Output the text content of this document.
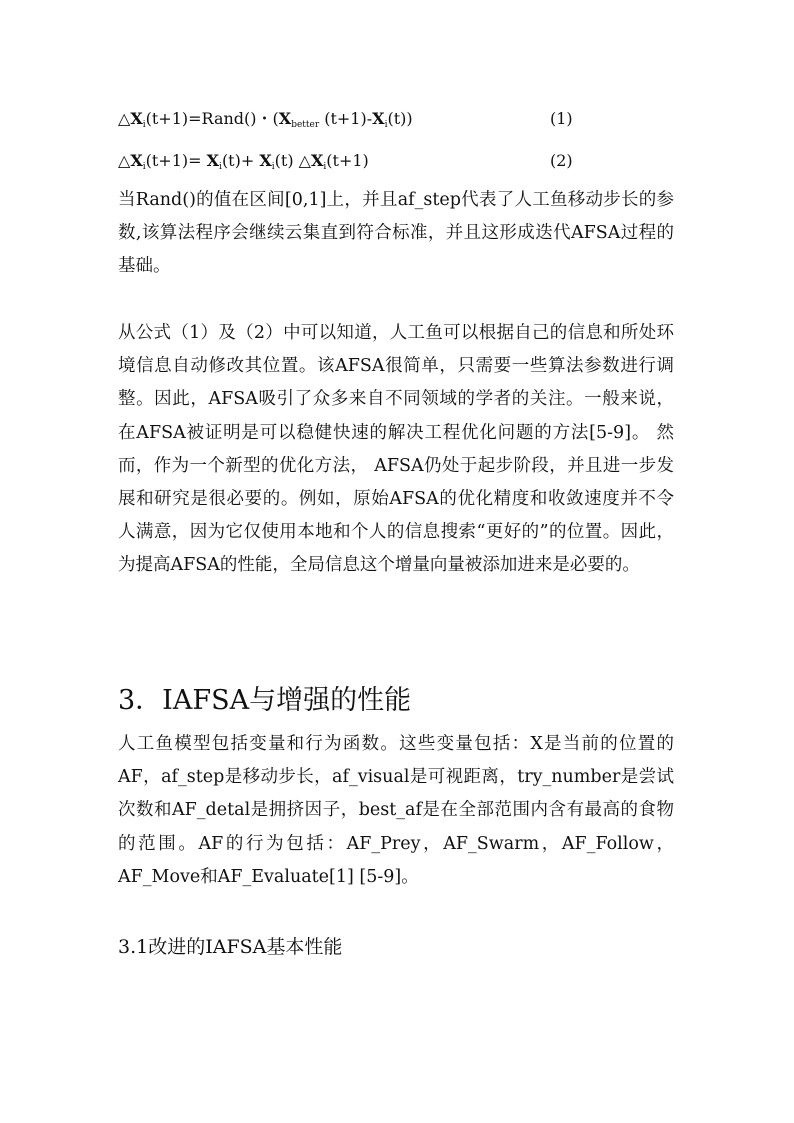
$\triangle X_i(t+1)=Rand()$・($X_{better}$ $(t+1)-X_i(t)$)	(1)
$\triangle X_i(t+1)= X_i(t)+ X_i(t)$ $\triangle X_i(t+1)$	(2)

当Rand()的值在区间[0,1]上，并且af_step代表了人工鱼移动步长的参数,该算法程序会继续云集直到符合标准，并且这形成迭代AFSA过程的基础。

从公式（1）及（2）中可以知道，人工鱼可以根据自己的信息和所处环境信息自动修改其位置。该AFSA很简单，只需要一些算法参数进行调整。因此，AFSA吸引了众多来自不同领域的学者的关注。一般来说，在AFSA被证明是可以稳健快速的解决工程优化问题的方法[5-9]。 然而，作为一个新型的优化方法， AFSA仍处于起步阶段，并且进一步发展和研究是很必要的。例如，原始AFSA的优化精度和收敛速度并不令人满意，因为它仅使用本地和个人的信息搜索“更好的”的位置。因此，为提高AFSA的性能，全局信息这个增量向量被添加进来是必要的。

3．IAFSA与增强的性能

人工鱼模型包括变量和行为函数。这些变量包括：X是当前的位置的AF，af_step是移动步长，af_visual是可视距离，try_number是尝试次数和AF_detal是拥挤因子，best_af是在全部范围内含有最高的食物的范围。AF的行为包括：AF_Prey，AF_Swarm，AF_Follow，AF_Move和AF_Evaluate[1] [5-9]。

3.1改进的IAFSA基本性能
